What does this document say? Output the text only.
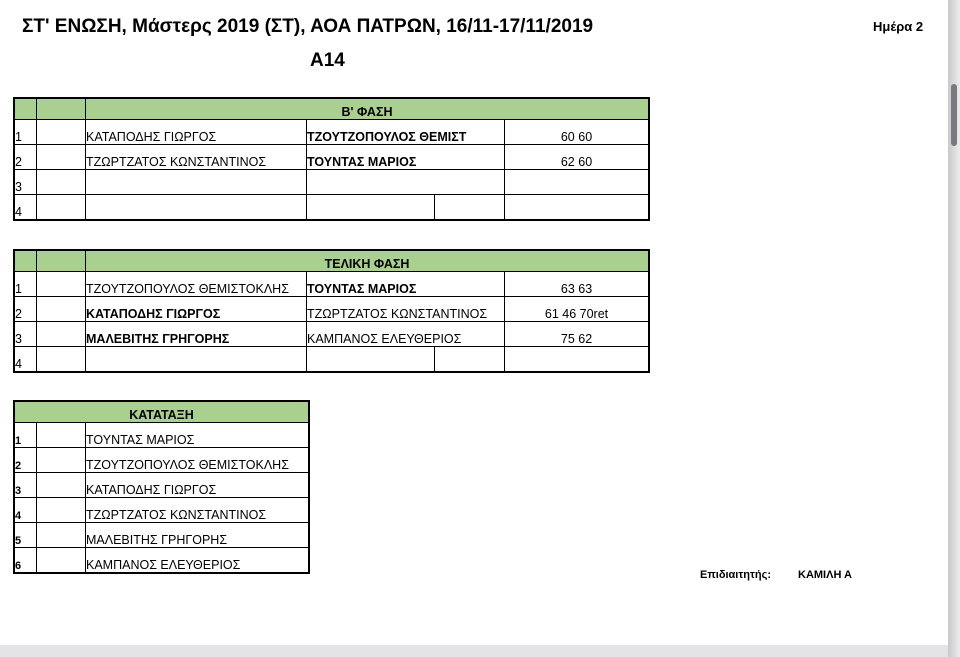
ΣΤ' ΕΝΩΣΗ, Μάστερς 2019 (ΣΤ), ΑΟΑ ΠΑΤΡΩΝ, 16/11-17/11/2019
A14
Ημέρα 2
		Β' ΦΑΣΗ			
1		ΚΑΤΑΠΟΔΗΣ ΓΙΩΡΓΟΣ	ΤΖΟΥΤΖΟΠΟΥΛΟΣ ΘΕΜΙΣΤ		60 60
2		ΤΖΩΡΤΖΑΤΟΣ ΚΩΝΣΤΑΝΤΙΝΟΣ	ΤΟΥΝΤΑΣ ΜΑΡΙΟΣ		62 60
3					
4					
		ΤΕΛΙΚΗ ΦΑΣΗ			
1		ΤΖΟΥΤΖΟΠΟΥΛΟΣ ΘΕΜΙΣΤΟΚΛΗΣ	ΤΟΥΝΤΑΣ ΜΑΡΙΟΣ		63 63
2		ΚΑΤΑΠΟΔΗΣ ΓΙΩΡΓΟΣ	ΤΖΩΡΤΖΑΤΟΣ ΚΩΝΣΤΑΝΤΙΝΟΣ		61 46 70ret
3		ΜΑΛΕΒΙΤΗΣ ΓΡΗΓΟΡΗΣ	ΚΑΜΠΑΝΟΣ ΕΛΕΥΘΕΡΙΟΣ		75 62
4					
ΚΑΤΑΤΑΞΗ		
1		ΤΟΥΝΤΑΣ ΜΑΡΙΟΣ
2		ΤΖΟΥΤΖΟΠΟΥΛΟΣ ΘΕΜΙΣΤΟΚΛΗΣ
3		ΚΑΤΑΠΟΔΗΣ ΓΙΩΡΓΟΣ
4		ΤΖΩΡΤΖΑΤΟΣ ΚΩΝΣΤΑΝΤΙΝΟΣ
5		ΜΑΛΕΒΙΤΗΣ ΓΡΗΓΟΡΗΣ
6		ΚΑΜΠΑΝΟΣ ΕΛΕΥΘΕΡΙΟΣ
Επιδιαιτητής: ΚΑΜΙΛΗ Α
